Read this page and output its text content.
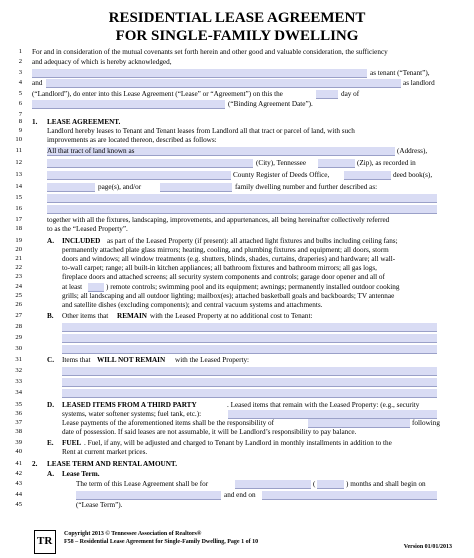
RESIDENTIAL LEASE AGREEMENT
FOR SINGLE-FAMILY DWELLING
1 For and in consideration of the mutual covenants set forth herein and other good and valuable consideration, the sufficiency
2 and adequacy of which is hereby acknowledged,
3	as tenant (“Tenant”),
4 and	as landlord
5 (“Landlord”), do enter into this Lease Agreement (“Lease” or “Agreement”) on this the	day of
6	(“Binding Agreement Date”).
7
8 1. LEASE AGREEMENT.
9	Landlord hereby leases to Tenant and Tenant leases from Landlord all that tract or parcel of land, with such
10	improvements as are located thereon, described as follows:
11	All that tract of land known as	(Address),
12	(City), Tennessee	(Zip), as recorded in
13	County Register of Deeds Office,	deed book(s),
14	page(s), and/or	family dwelling number and further described as:
15
16
17	together with all the fixtures, landscaping, improvements, and appurtenances, all being hereinafter collectively referred
18	to as the “Leased Property”.
19	A. INCLUDED as part of the Leased Property (if present): all attached light fixtures and bulbs including ceiling fans;
20	permanently attached plate glass mirrors; heating, cooling, and plumbing fixtures and equipment; all doors, storm
21	doors and windows; all window treatments (e.g. shutters, blinds, shades, curtains, draperies) and hardware; all wall-
22	to-wall carpet; range; all built-in kitchen appliances; all bathroom fixtures and bathroom mirrors; all gas logs,
23	fireplace doors and attached screens; all security system components and controls; garage door opener and all of
24	at least	) remote controls; swimming pool and its equipment; awnings; permanently installed outdoor cooking
25	grills; all landscaping and all outdoor lighting; mailbox(es); attached basketball goals and backboards; TV antennae
26	and satellite dishes (excluding components); and central vacuum systems and attachments.
27	B. Other items that REMAIN with the Leased Property at no additional cost to Tenant:
28
29
30
31	C. Items that WILL NOT REMAIN with the Leased Property:
32
33
34
35	D. LEASED ITEMS FROM A THIRD PARTY	. Leased items that remain with the Leased Property: (e.g., security
36	systems, water softener systems; fuel tank, etc.):
37	Lease payments of the aforementioned items shall be the responsibility of	following
38	date of possession. If said leases are not assumable, it will be Landlord’s responsibility to pay balance.
39	E. FUEL . Fuel, if any, will be adjusted and charged to Tenant by Landlord in monthly installments in addition to the
40	Rent at current market prices.
41 2. LEASE TERM AND RENTAL AMOUNT.
42	A. Lease Term.
43	The term of this Lease Agreement shall be for	(	) months and shall begin on
44	and end on
45	(“Lease Term”).
TR
Copyright 2013 © Tennessee Association of Realtors®
F58 – Residential Lease Agreement for Single-Family Dwelling, Page 1 of 10
Version 01/01/2013
